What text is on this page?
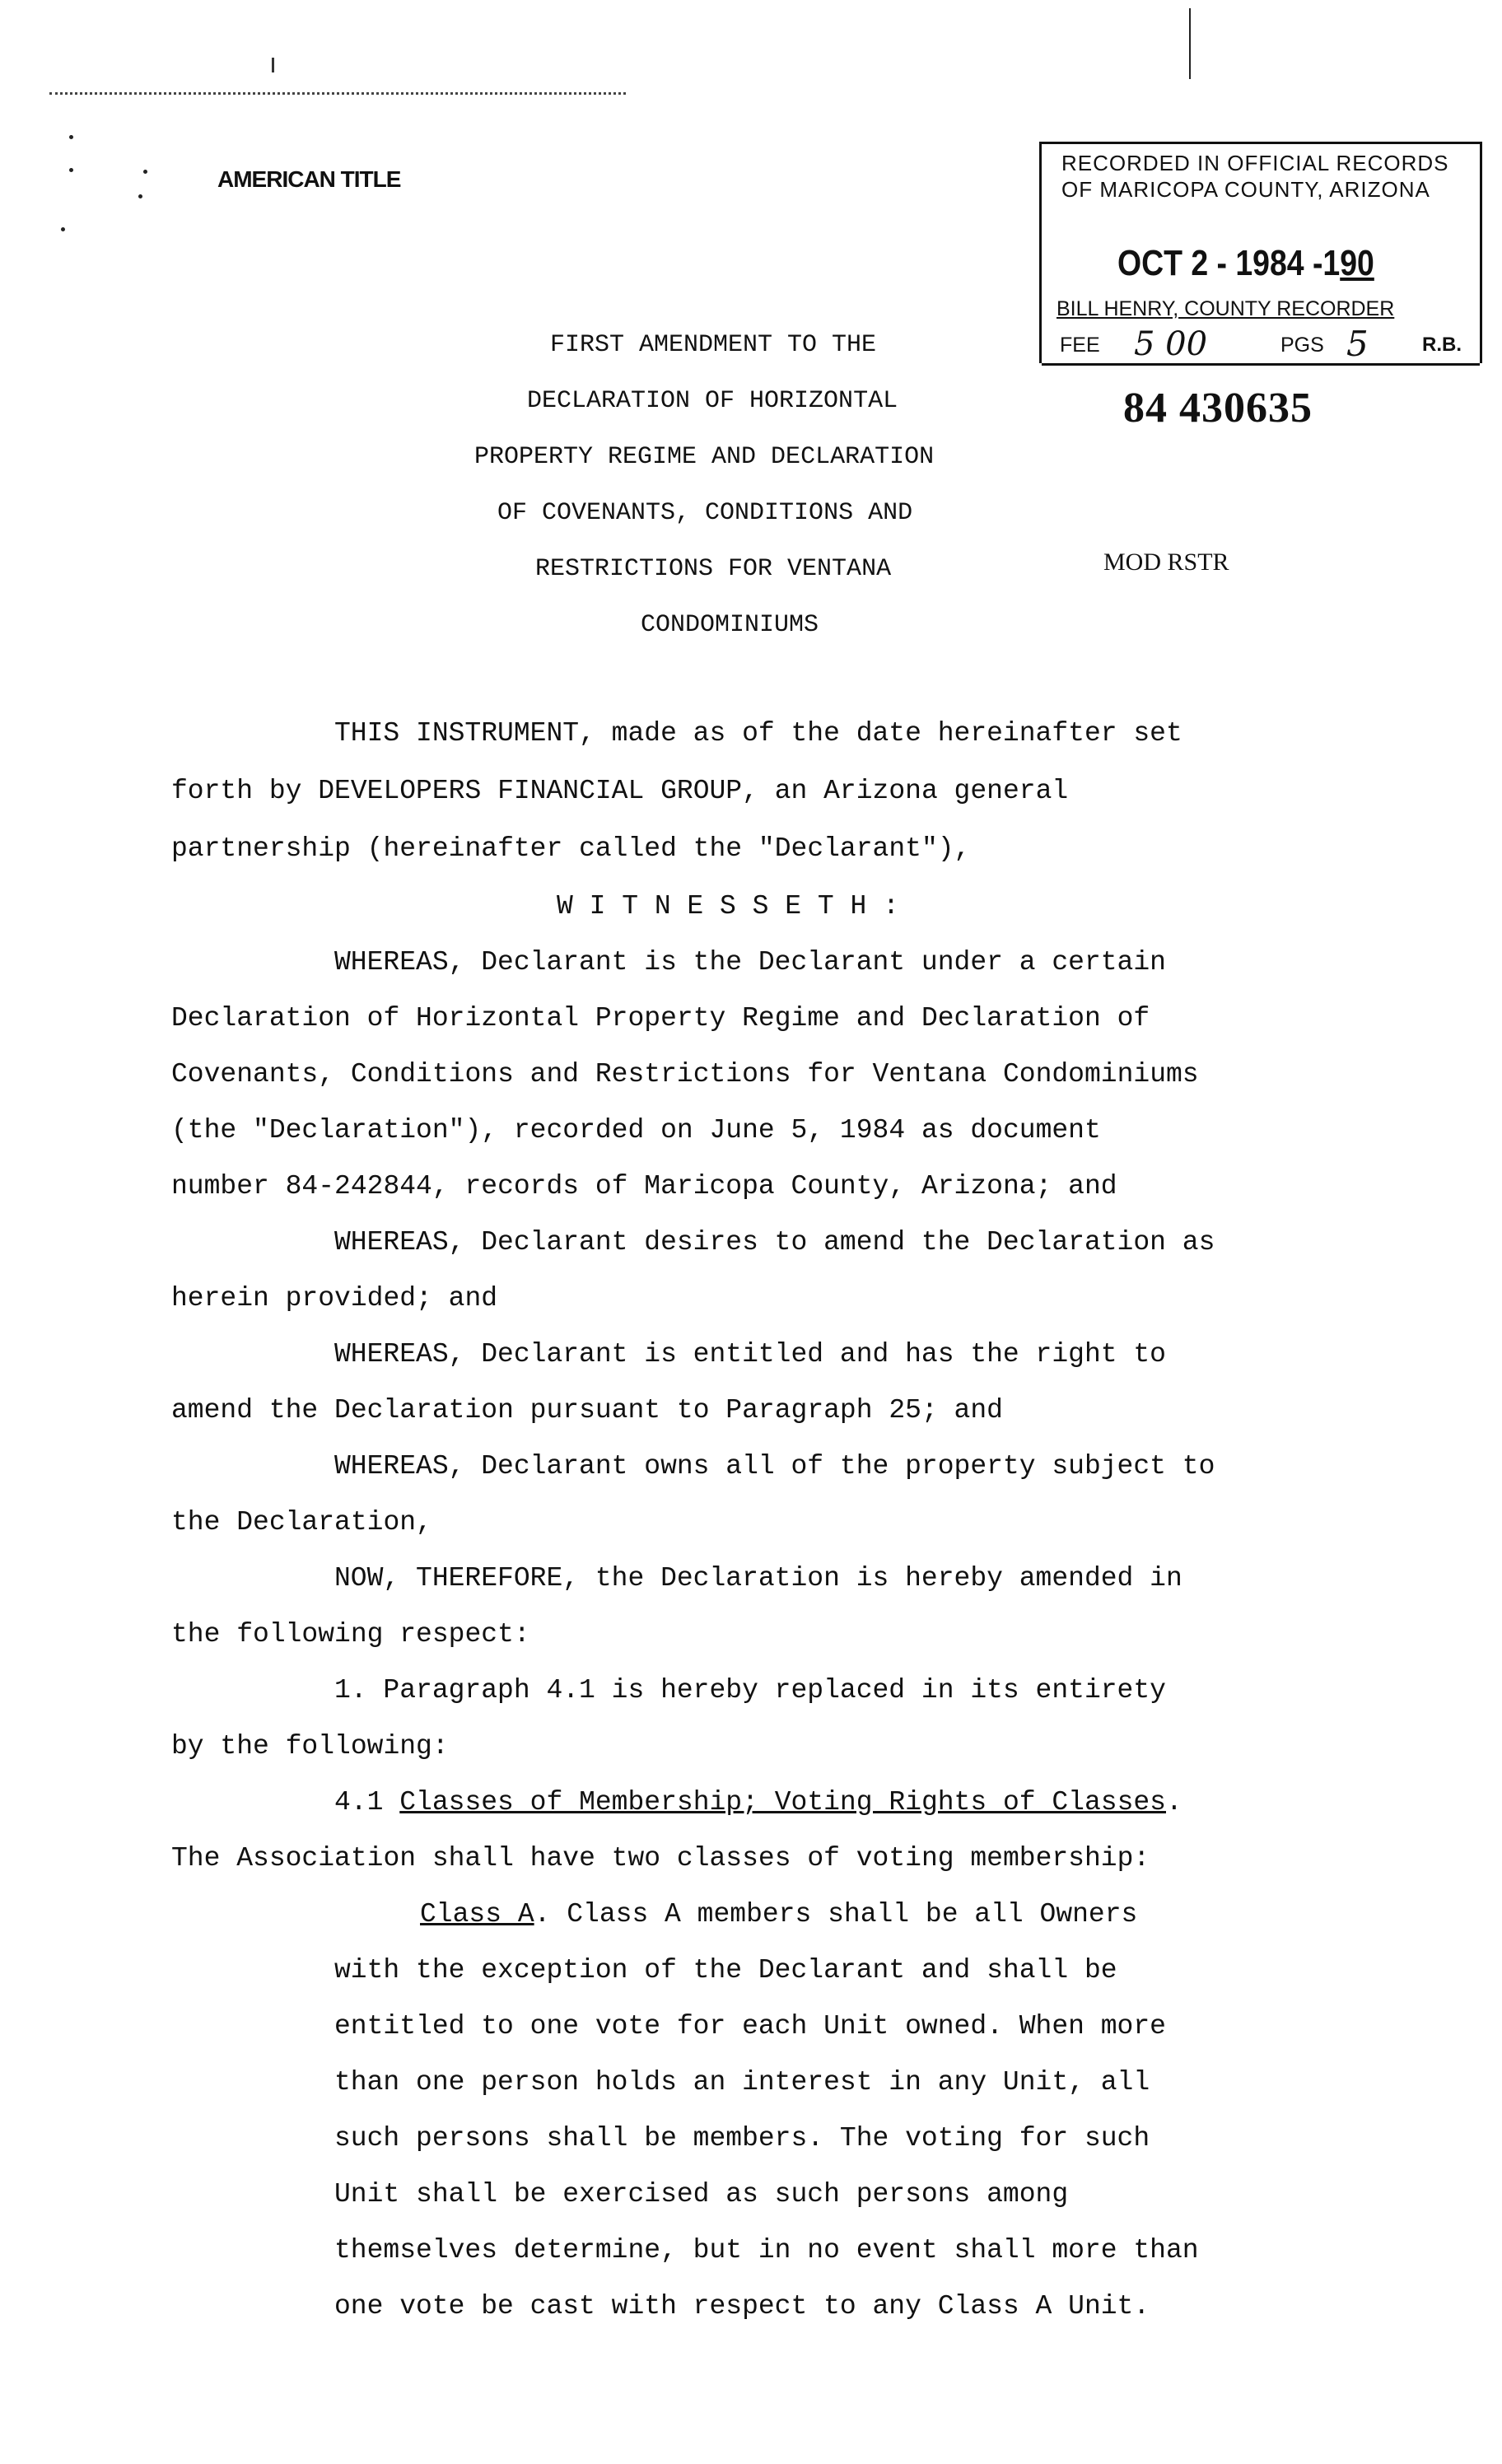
AMERICAN TITLE
RECORDED IN OFFICIAL RECORDS
OF MARICOPA COUNTY, ARIZONA
OCT 2 - 1984 -190
BILL HENRY, COUNTY RECORDER
FEE 5 00	PGS 5	R.B.
84 430635
MOD RSTR
FIRST AMENDMENT TO THE
DECLARATION OF HORIZONTAL
PROPERTY REGIME AND DECLARATION
OF COVENANTS, CONDITIONS AND
RESTRICTIONS FOR VENTANA
CONDOMINIUMS
THIS INSTRUMENT, made as of the date hereinafter set
forth by DEVELOPERS FINANCIAL GROUP, an Arizona general
partnership (hereinafter called the "Declarant"),
W I T N E S S E T H :
WHEREAS, Declarant is the Declarant under a certain
Declaration of Horizontal Property Regime and Declaration of
Covenants, Conditions and Restrictions for Ventana Condominiums
(the "Declaration"), recorded on June 5, 1984 as document
number 84-242844, records of Maricopa County, Arizona; and
WHEREAS, Declarant desires to amend the Declaration as
herein provided; and
WHEREAS, Declarant is entitled and has the right to
amend the Declaration pursuant to Paragraph 25; and
WHEREAS, Declarant owns all of the property subject to
the Declaration,
NOW, THEREFORE, the Declaration is hereby amended in
the following respect:
1. Paragraph 4.1 is hereby replaced in its entirety
by the following:
4.1 Classes of Membership; Voting Rights of Classes.
The Association shall have two classes of voting membership:
Class A. Class A members shall be all Owners
with the exception of the Declarant and shall be
entitled to one vote for each Unit owned. When more
than one person holds an interest in any Unit, all
such persons shall be members. The voting for such
Unit shall be exercised as such persons among
themselves determine, but in no event shall more than
one vote be cast with respect to any Class A Unit.
